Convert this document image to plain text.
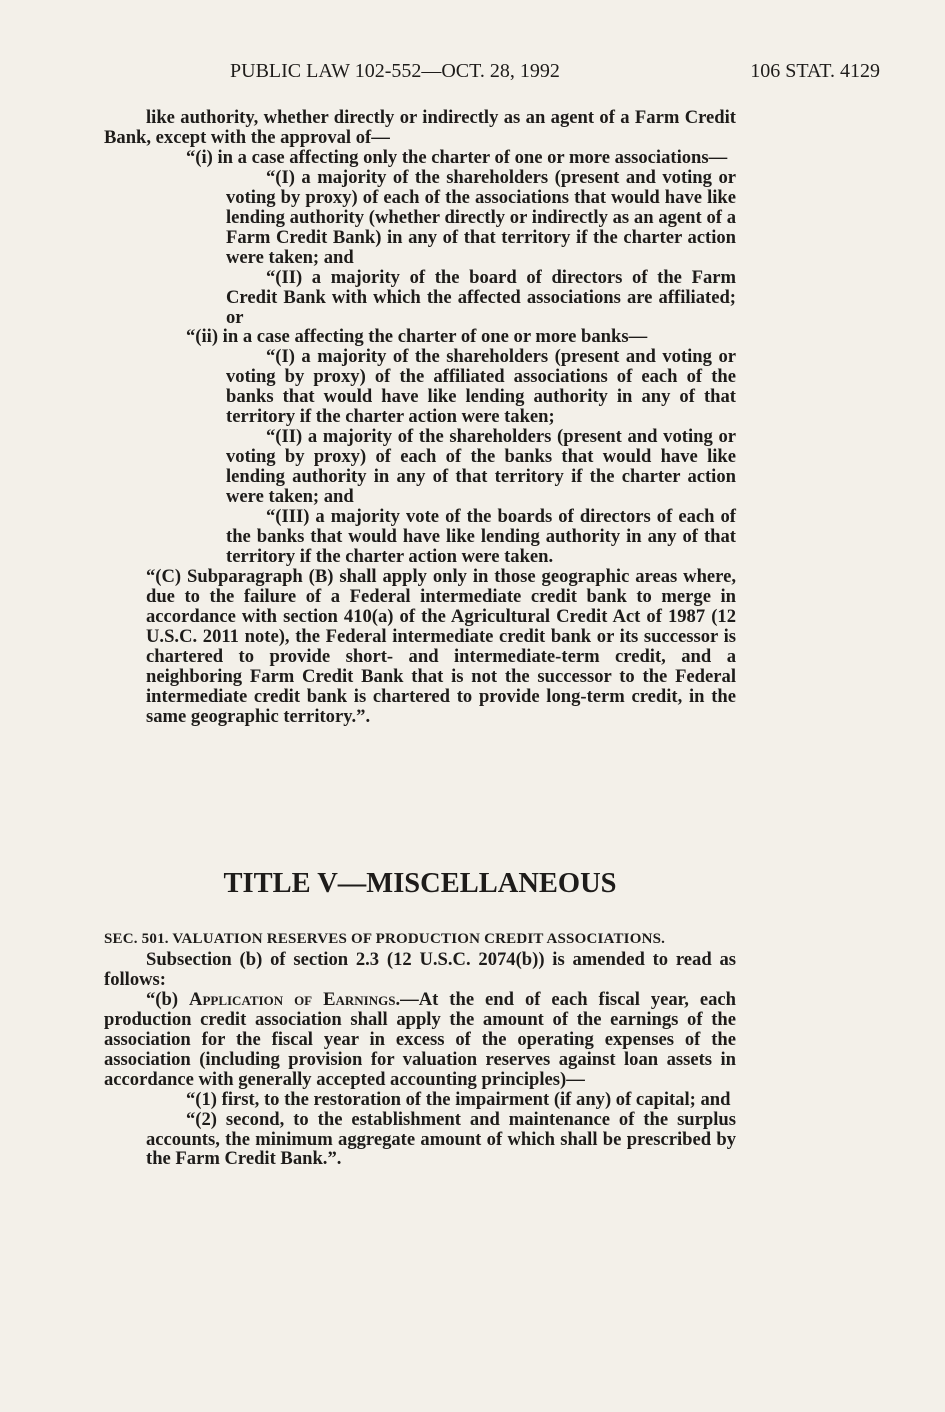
PUBLIC LAW 102-552—OCT. 28, 1992	106 STAT. 4129

like authority, whether directly or indirectly as an agent of a Farm Credit Bank, except with the approval of—

“(i) in a case affecting only the charter of one or more associations—

“(I) a majority of the shareholders (present and voting or voting by proxy) of each of the associations that would have like lending authority (whether directly or indirectly as an agent of a Farm Credit Bank) in any of that territory if the charter action were taken; and

“(II) a majority of the board of directors of the Farm Credit Bank with which the affected associations are affiliated; or

“(ii) in a case affecting the charter of one or more banks—

“(I) a majority of the shareholders (present and voting or voting by proxy) of the affiliated associations of each of the banks that would have like lending authority in any of that territory if the charter action were taken;

“(II) a majority of the shareholders (present and voting or voting by proxy) of each of the banks that would have like lending authority in any of that territory if the charter action were taken; and

“(III) a majority vote of the boards of directors of each of the banks that would have like lending authority in any of that territory if the charter action were taken.

“(C) Subparagraph (B) shall apply only in those geographic areas where, due to the failure of a Federal intermediate credit bank to merge in accordance with section 410(a) of the Agricultural Credit Act of 1987 (12 U.S.C. 2011 note), the Federal intermediate credit bank or its successor is chartered to provide short- and intermediate-term credit, and a neighboring Farm Credit Bank that is not the successor to the Federal intermediate credit bank is chartered to provide long-term credit, in the same geographic territory.”.

TITLE V—MISCELLANEOUS

SEC. 501. VALUATION RESERVES OF PRODUCTION CREDIT ASSOCIATIONS.

Subsection (b) of section 2.3 (12 U.S.C. 2074(b)) is amended to read as follows:

“(b) Application of Earnings.—At the end of each fiscal year, each production credit association shall apply the amount of the earnings of the association for the fiscal year in excess of the operating expenses of the association (including provision for valuation reserves against loan assets in accordance with generally accepted accounting principles)—

“(1) first, to the restoration of the impairment (if any) of capital; and

“(2) second, to the establishment and maintenance of the surplus accounts, the minimum aggregate amount of which shall be prescribed by the Farm Credit Bank.”.
